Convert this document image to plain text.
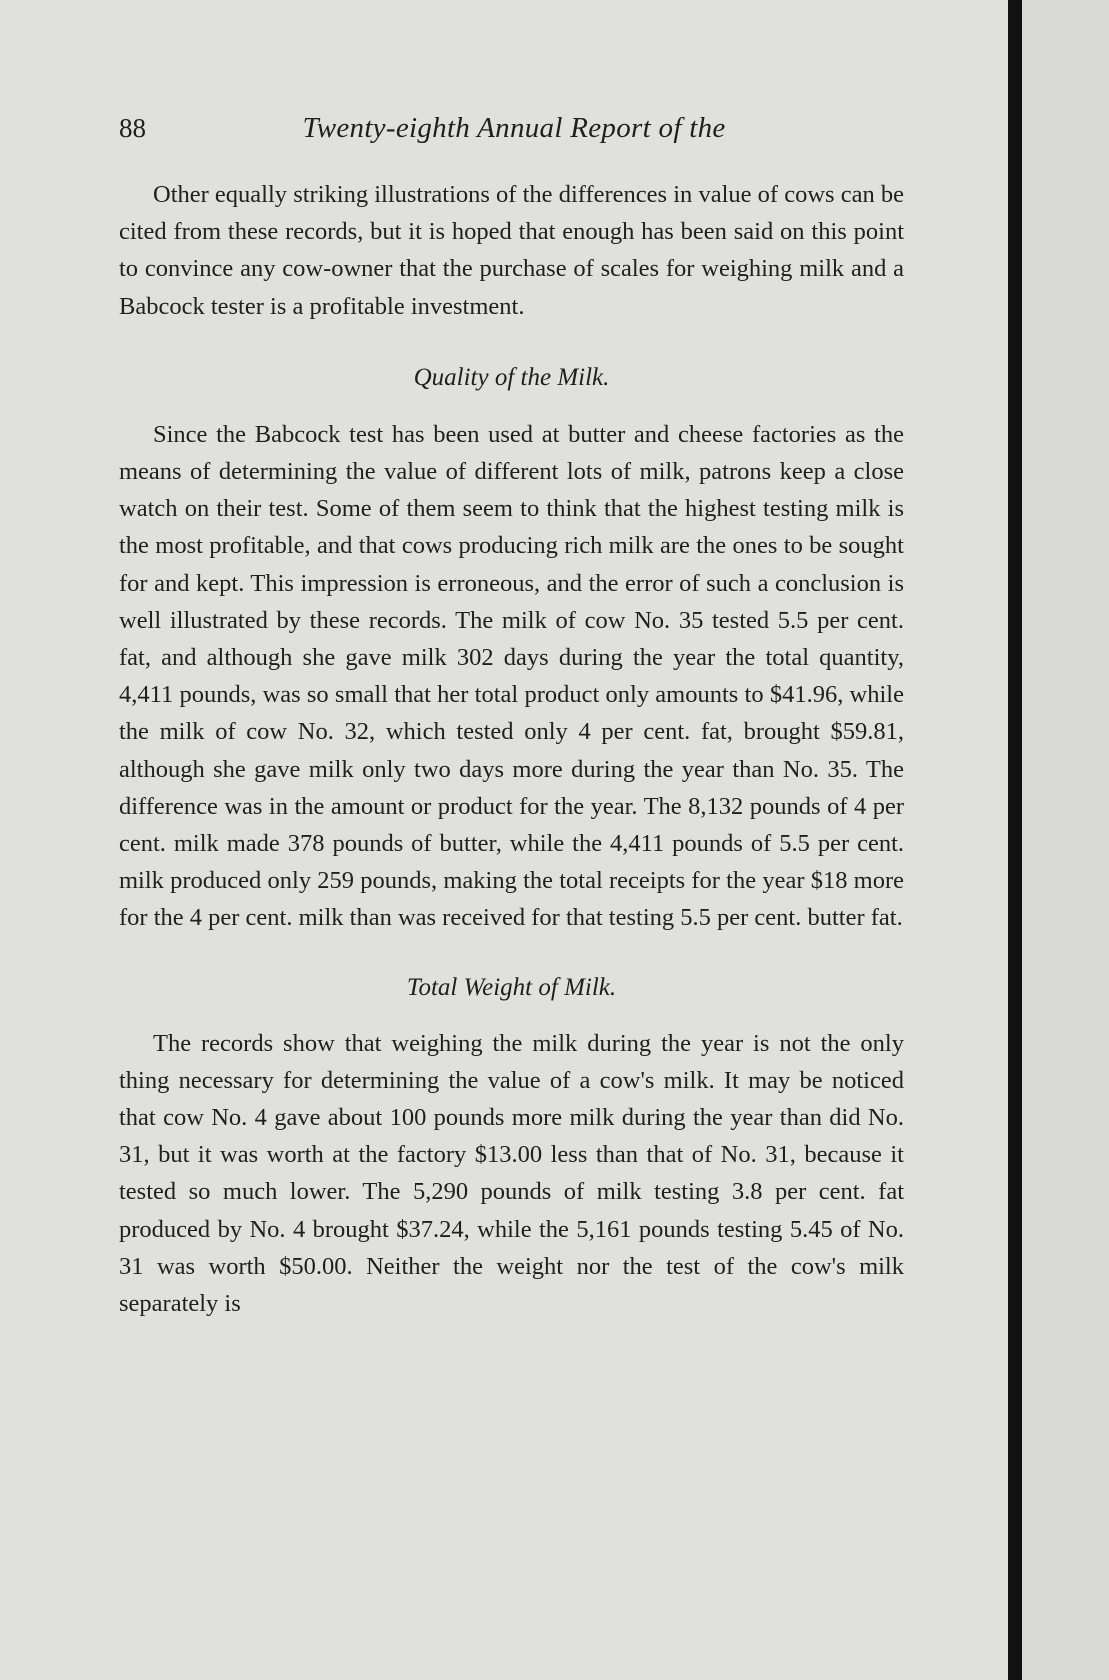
88	Twenty-eighth Annual Report of the

Other equally striking illustrations of the differences in value of cows can be cited from these records, but it is hoped that enough has been said on this point to convince any cow-owner that the purchase of scales for weighing milk and a Babcock tester is a profitable investment.

Quality of the Milk.

Since the Babcock test has been used at butter and cheese factories as the means of determining the value of different lots of milk, patrons keep a close watch on their test. Some of them seem to think that the highest testing milk is the most profitable, and that cows producing rich milk are the ones to be sought for and kept. This impression is erroneous, and the error of such a conclusion is well illustrated by these records. The milk of cow No. 35 tested 5.5 per cent. fat, and although she gave milk 302 days during the year the total quantity, 4,411 pounds, was so small that her total product only amounts to $41.96, while the milk of cow No. 32, which tested only 4 per cent. fat, brought $59.81, although she gave milk only two days more during the year than No. 35. The difference was in the amount or product for the year. The 8,132 pounds of 4 per cent. milk made 378 pounds of butter, while the 4,411 pounds of 5.5 per cent. milk produced only 259 pounds, making the total receipts for the year $18 more for the 4 per cent. milk than was received for that testing 5.5 per cent. butter fat.

Total Weight of Milk.

The records show that weighing the milk during the year is not the only thing necessary for determining the value of a cow's milk. It may be noticed that cow No. 4 gave about 100 pounds more milk during the year than did No. 31, but it was worth at the factory $13.00 less than that of No. 31, because it tested so much lower. The 5,290 pounds of milk testing 3.8 per cent. fat produced by No. 4 brought $37.24, while the 5,161 pounds testing 5.45 of No. 31 was worth $50.00. Neither the weight nor the test of the cow's milk separately is
